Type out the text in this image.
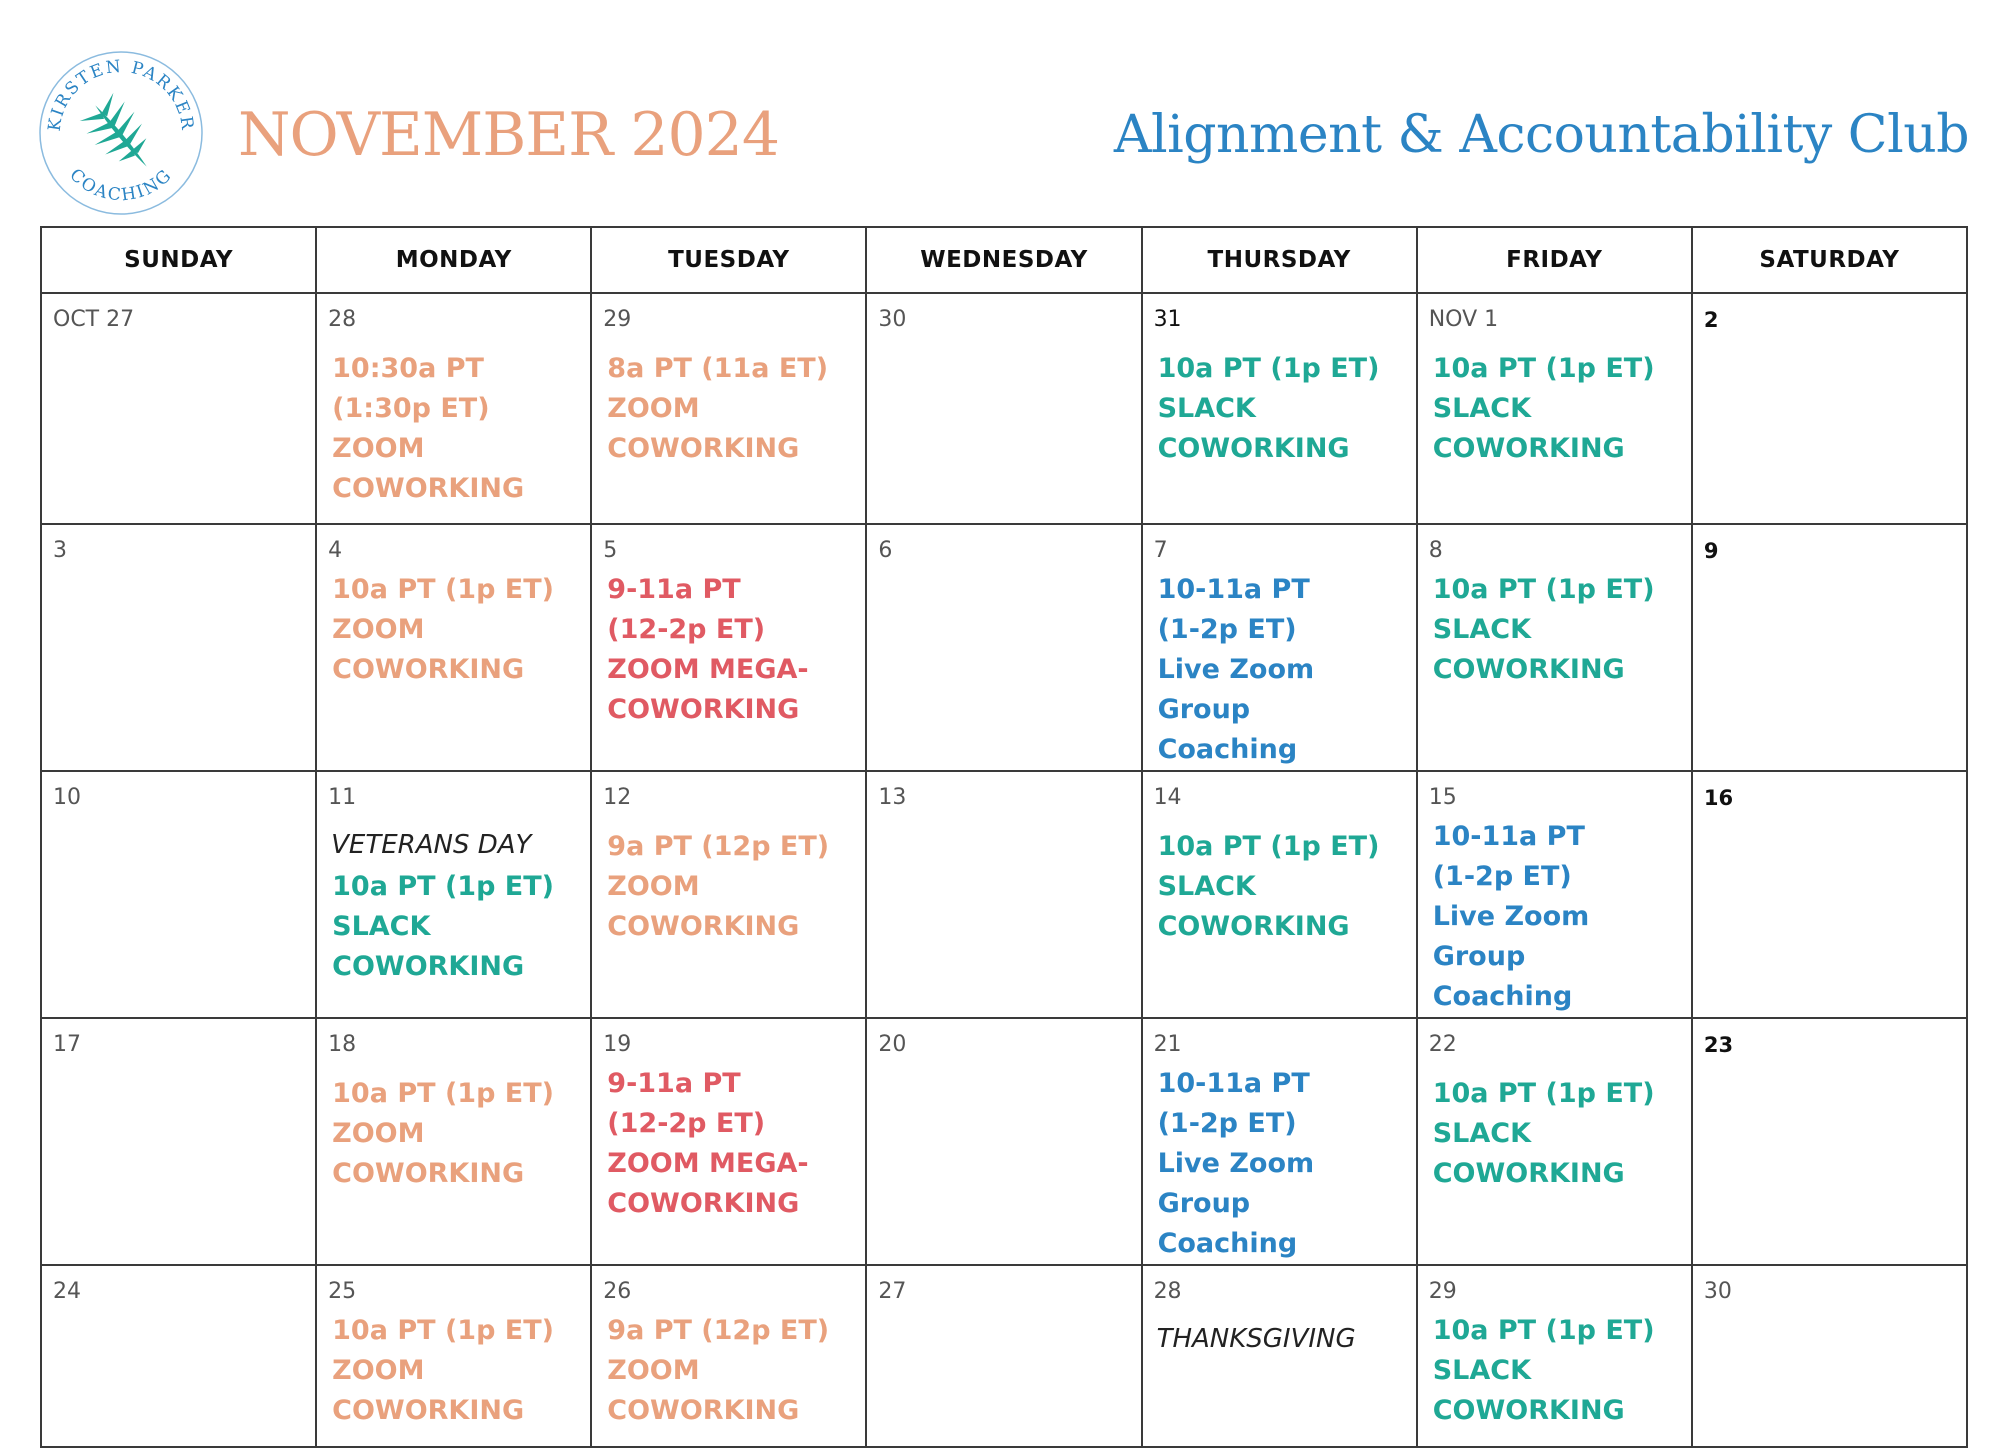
KIRSTEN PARKER
COACHING
NOVEMBER 2024	Alignment & Accountability Club
SUNDAY	MONDAY	TUESDAY	WEDNESDAY	THURSDAY	FRIDAY	SATURDAY

OCT 27	28
10:30a PT
(1:30p ET) ZOOM
COWORKING	29
8a PT (11a ET)
ZOOM
COWORKING	30	31
10a PT (1p ET)
SLACK
COWORKING	NOV 1
10a PT (1p ET)
SLACK
COWORKING	2

3	4
10a PT (1p ET)
ZOOM
COWORKING	5
9-11a PT
(12-2p ET)
ZOOM MEGA-
COWORKING	6	7
10-11a PT
(1-2p ET)
Live Zoom Group
Coaching	8
10a PT (1p ET)
SLACK
COWORKING	9

10	11
VETERANS DAY
10a PT (1p ET)
SLACK
COWORKING	12
9a PT (12p ET)
ZOOM
COWORKING	13	14
10a PT (1p ET)
SLACK
COWORKING	15
10-11a PT
(1-2p ET)
Live Zoom Group
Coaching	16

17	18
10a PT (1p ET)
ZOOM
COWORKING	19
9-11a PT
(12-2p ET)
ZOOM MEGA-
COWORKING	20	21
10-11a PT
(1-2p ET)
Live Zoom Group
Coaching	22
10a PT (1p ET)
SLACK
COWORKING	23

24	25
10a PT (1p ET)
ZOOM
COWORKING	26
9a PT (12p ET)
ZOOM
COWORKING	27	28
THANKSGIVING	29
10a PT (1p ET)
SLACK
COWORKING	30
